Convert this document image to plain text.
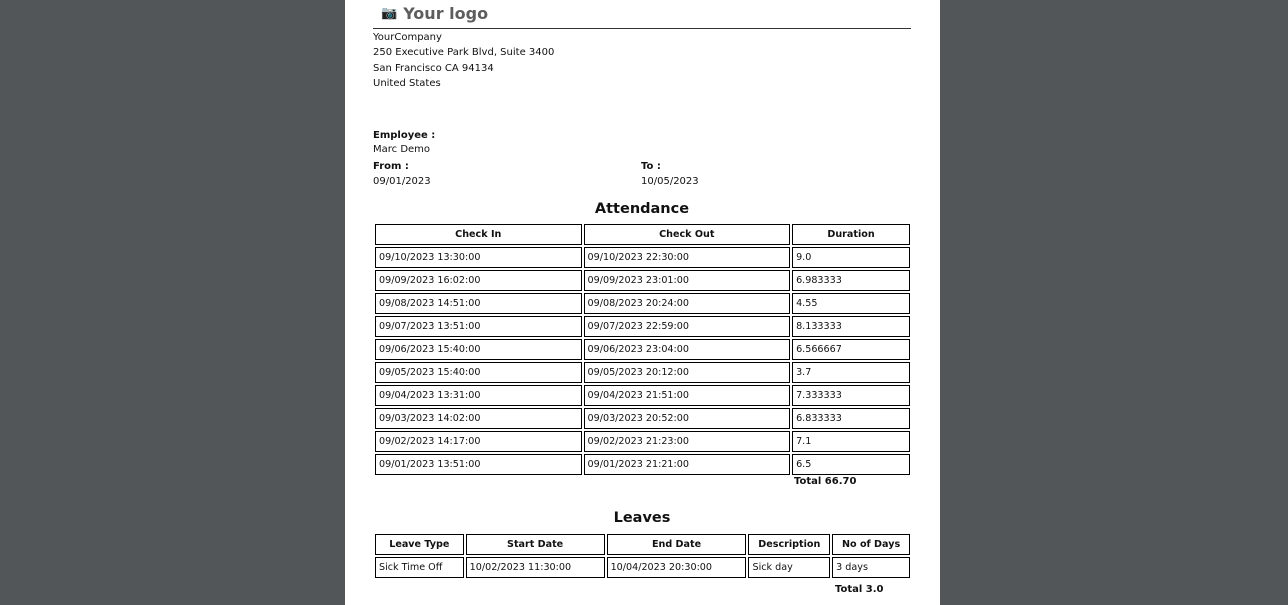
📷 Your logo
YourCompany
250 Executive Park Blvd, Suite 3400
San Francisco CA 94134
United States
Employee :
Marc Demo
From :
09/01/2023
To :
10/05/2023
Attendance
Check In	Check Out	Duration
09/10/2023 13:30:00	09/10/2023 22:30:00	9.0
09/09/2023 16:02:00	09/09/2023 23:01:00	6.983333
09/08/2023 14:51:00	09/08/2023 20:24:00	4.55
09/07/2023 13:51:00	09/07/2023 22:59:00	8.133333
09/06/2023 15:40:00	09/06/2023 23:04:00	6.566667
09/05/2023 15:40:00	09/05/2023 20:12:00	3.7
09/04/2023 13:31:00	09/04/2023 21:51:00	7.333333
09/03/2023 14:02:00	09/03/2023 20:52:00	6.833333
09/02/2023 14:17:00	09/02/2023 21:23:00	7.1
09/01/2023 13:51:00	09/01/2023 21:21:00	6.5
Total 66.70
Leaves
Leave Type	Start Date	End Date	Description	No of Days
Sick Time Off	10/02/2023 11:30:00	10/04/2023 20:30:00	Sick day	3 days
Total 3.0
